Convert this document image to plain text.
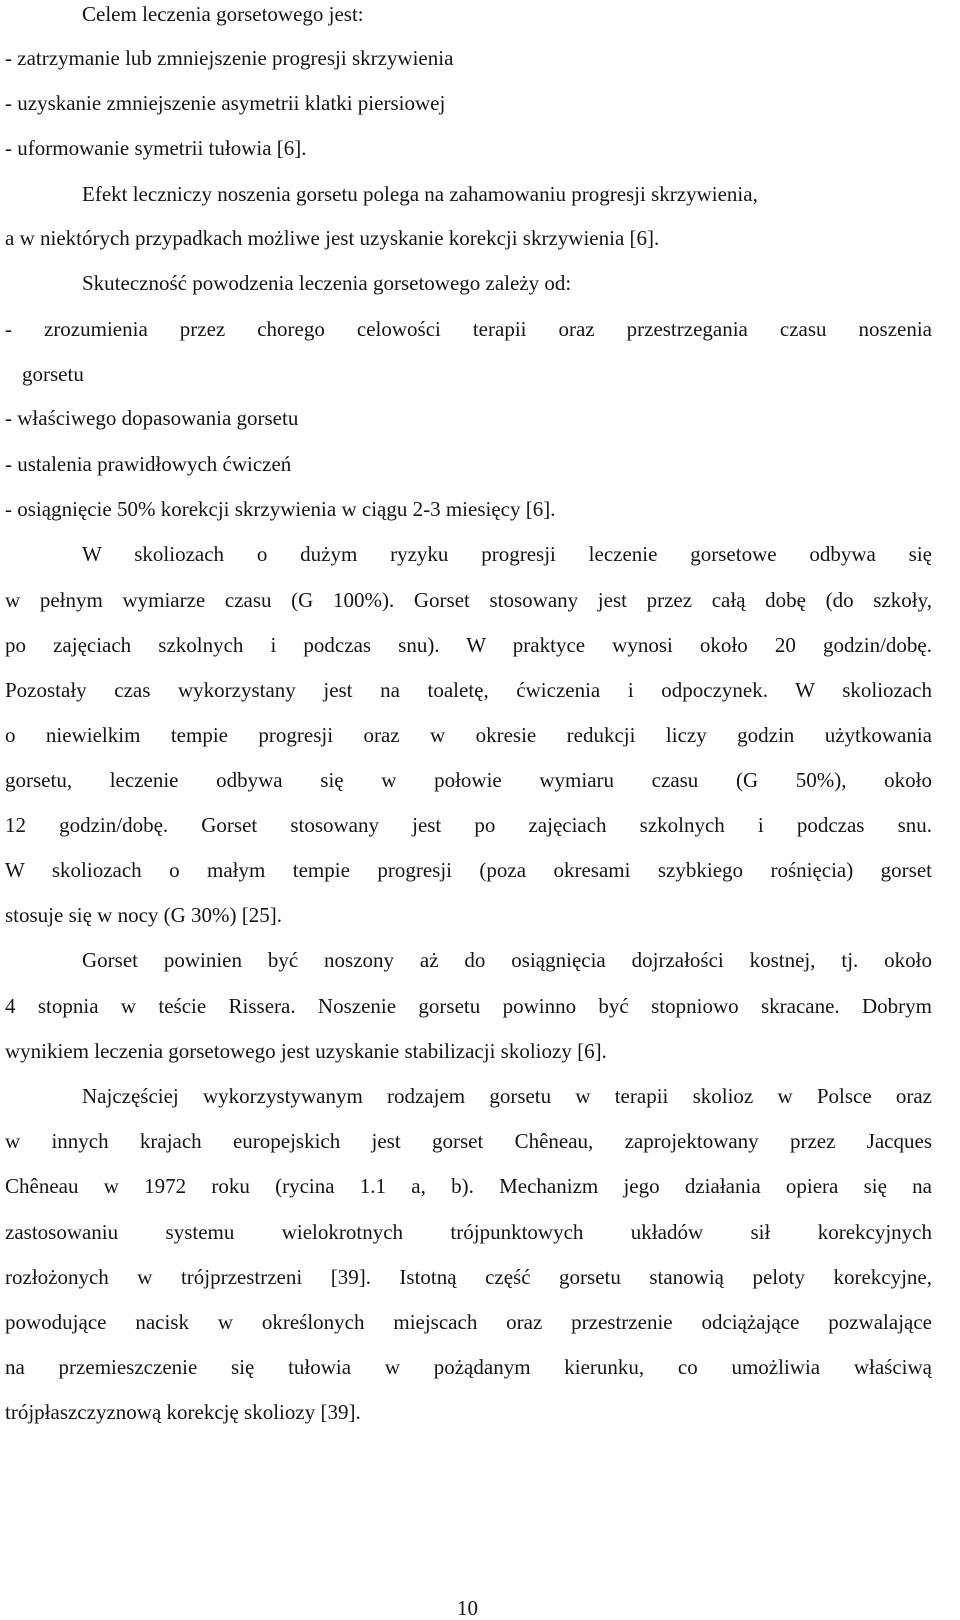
Celem leczenia gorsetowego jest:
- zatrzymanie lub zmniejszenie progresji skrzywienia
- uzyskanie zmniejszenie asymetrii klatki piersiowej
- uformowanie symetrii tułowia [6].
Efekt leczniczy noszenia gorsetu polega na zahamowaniu progresji skrzywienia,
a w niektórych przypadkach możliwe jest uzyskanie korekcji skrzywienia [6].
Skuteczność powodzenia leczenia gorsetowego zależy od:
- zrozumienia przez chorego celowości terapii oraz przestrzegania czasu noszenia
gorsetu
- właściwego dopasowania gorsetu
- ustalenia prawidłowych ćwiczeń
- osiągnięcie 50% korekcji skrzywienia w ciągu 2-3 miesięcy [6].
W skoliozach o dużym ryzyku progresji leczenie gorsetowe odbywa się
w pełnym wymiarze czasu (G 100%). Gorset stosowany jest przez całą dobę (do szkoły,
po zajęciach szkolnych i podczas snu). W praktyce wynosi około 20 godzin/dobę.
Pozostały czas wykorzystany jest na toaletę, ćwiczenia i odpoczynek. W skoliozach
o niewielkim tempie progresji oraz w okresie redukcji liczy godzin użytkowania
gorsetu, leczenie odbywa się w połowie wymiaru czasu (G 50%), około
12 godzin/dobę. Gorset stosowany jest po zajęciach szkolnych i podczas snu.
W skoliozach o małym tempie progresji (poza okresami szybkiego rośnięcia) gorset
stosuje się w nocy (G 30%) [25].
Gorset powinien być noszony aż do osiągnięcia dojrzałości kostnej, tj. około
4 stopnia w teście Rissera. Noszenie gorsetu powinno być stopniowo skracane. Dobrym
wynikiem leczenia gorsetowego jest uzyskanie stabilizacji skoliozy [6].
Najczęściej wykorzystywanym rodzajem gorsetu w terapii skolioz w Polsce oraz
w innych krajach europejskich jest gorset Chêneau, zaprojektowany przez Jacques
Chêneau w 1972 roku (rycina 1.1 a, b). Mechanizm jego działania opiera się na
zastosowaniu systemu wielokrotnych trójpunktowych układów sił korekcyjnych
rozłożonych w trójprzestrzeni [39]. Istotną część gorsetu stanowią peloty korekcyjne,
powodujące nacisk w określonych miejscach oraz przestrzenie odciążające pozwalające
na przemieszczenie się tułowia w pożądanym kierunku, co umożliwia właściwą
trójpłaszczyznową korekcję skoliozy [39].
10
